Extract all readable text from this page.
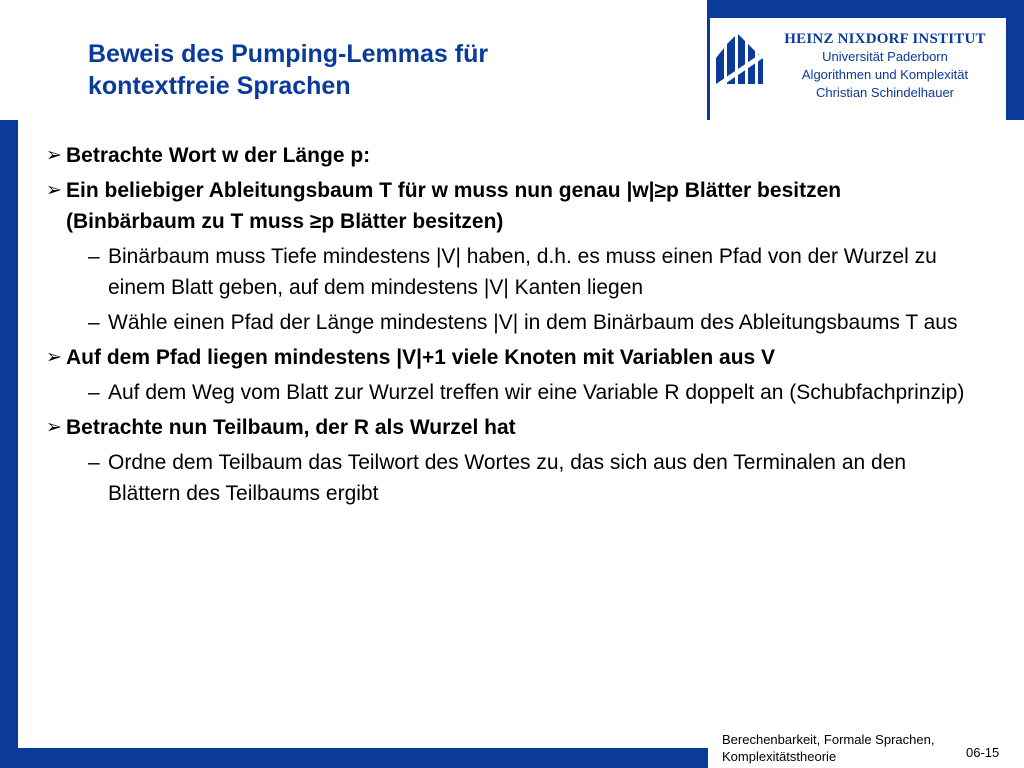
HEINZ NIXDORF INSTITUT
Universität Paderborn
Algorithmen und Komplexität
Christian Schindelhauer
Beweis des Pumping-Lemmas für
kontextfreie Sprachen
➢ Betrachte Wort w der Länge p:
➢ Ein beliebiger Ableitungsbaum T für w muss nun genau |w|≥p Blätter besitzen (Binbärbaum zu T muss ≥p Blätter besitzen)
– Binärbaum muss Tiefe mindestens |V| haben, d.h. es muss einen Pfad von der Wurzel zu einem Blatt geben, auf dem mindestens |V| Kanten liegen
– Wähle einen Pfad der Länge mindestens |V| in dem Binärbaum des Ableitungsbaums T aus
➢ Auf dem Pfad liegen mindestens |V|+1 viele Knoten mit Variablen aus V
– Auf dem Weg vom Blatt zur Wurzel treffen wir eine Variable R doppelt an (Schubfachprinzip)
➢ Betrachte nun Teilbaum, der R als Wurzel hat
– Ordne dem Teilbaum das Teilwort des Wortes zu, das sich aus den Terminalen an den Blättern des Teilbaums ergibt
Berechenbarkeit, Formale Sprachen,
Komplexitätstheorie	06-15
